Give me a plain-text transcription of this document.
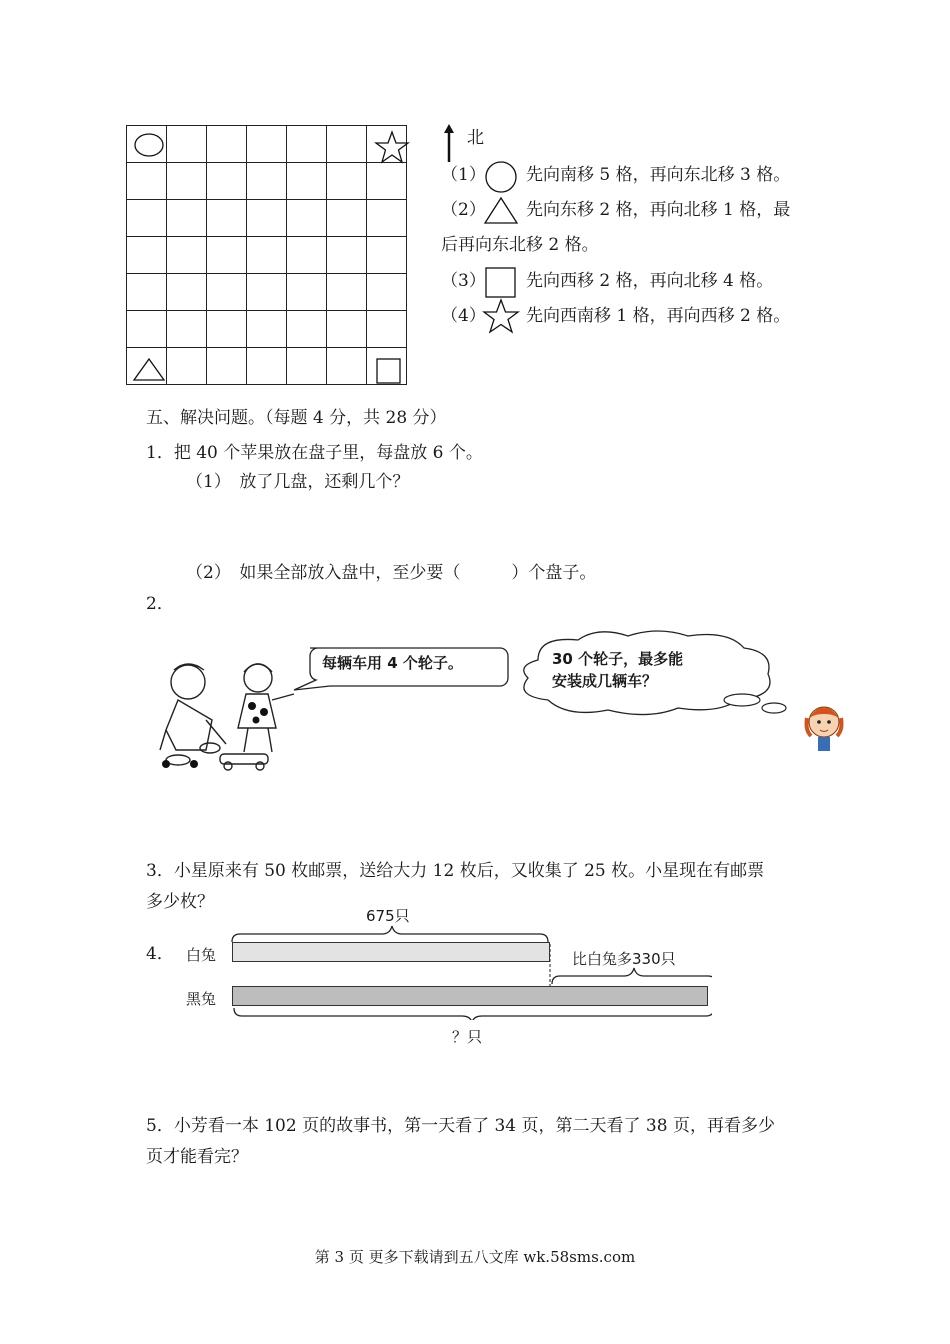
北
（1） 先向南移 5 格，再向东北移 3 格。
（2） 先向东移 2 格，再向北移 1 格，最
后再向东北移 2 格。
（3） 先向西移 2 格，再向北移 4 格。
（4） 先向西南移 1 格，再向西移 2 格。
五、解决问题。（每题 4 分，共 28 分）
1．把 40 个苹果放在盘子里，每盘放 6 个。
（1）　放了几盘，还剩几个？
（2）　如果全部放入盘中，至少要（　　　）个盘子。
2．
每辆车用 4 个轮子。	30 个轮子，最多能
安装成几辆车？
3．小星原来有 50 枚邮票，送给大力 12 枚后，又收集了 25 枚。小星现在有邮票
多少枚？
675只
4． 白兔
黑兔
比白兔多330只
？只
5．小芳看一本 102 页的故事书，第一天看了 34 页，第二天看了 38 页，再看多少
页才能看完？
第 3 页 更多下载请到五八文库 wk.58sms.com
